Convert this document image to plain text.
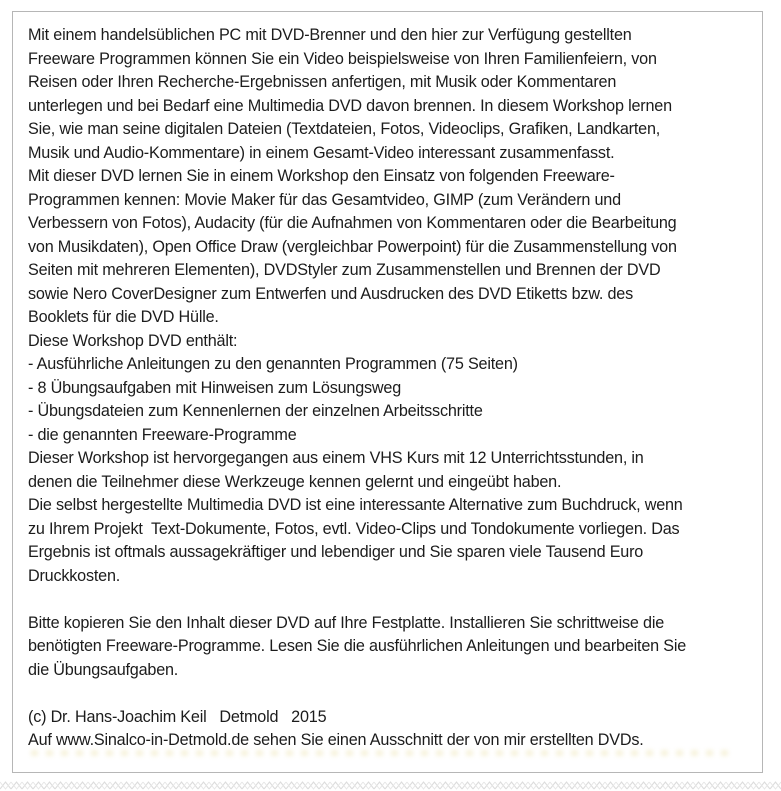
Mit einem handelsüblichen PC mit DVD-Brenner und den hier zur Verfügung gestellten
Freeware Programmen können Sie ein Video beispielsweise von Ihren Familienfeiern, von
Reisen oder Ihren Recherche-Ergebnissen anfertigen, mit Musik oder Kommentaren
unterlegen und bei Bedarf eine Multimedia DVD davon brennen. In diesem Workshop lernen
Sie, wie man seine digitalen Dateien (Textdateien, Fotos, Videoclips, Grafiken, Landkarten,
Musik und Audio-Kommentare) in einem Gesamt-Video interessant zusammenfasst.
Mit dieser DVD lernen Sie in einem Workshop den Einsatz von folgenden Freeware-
Programmen kennen: Movie Maker für das Gesamtvideo, GIMP (zum Verändern und
Verbessern von Fotos), Audacity (für die Aufnahmen von Kommentaren oder die Bearbeitung
von Musikdaten), Open Office Draw (vergleichbar Powerpoint) für die Zusammenstellung von
Seiten mit mehreren Elementen), DVDStyler zum Zusammenstellen und Brennen der DVD
sowie Nero CoverDesigner zum Entwerfen und Ausdrucken des DVD Etiketts bzw. des
Booklets für die DVD Hülle.
Diese Workshop DVD enthält:
- Ausführliche Anleitungen zu den genannten Programmen (75 Seiten)
- 8 Übungsaufgaben mit Hinweisen zum Lösungsweg
- Übungsdateien zum Kennenlernen der einzelnen Arbeitsschritte
- die genannten Freeware-Programme
Dieser Workshop ist hervorgegangen aus einem VHS Kurs mit 12 Unterrichtsstunden, in
denen die Teilnehmer diese Werkzeuge kennen gelernt und eingeübt haben.
Die selbst hergestellte Multimedia DVD ist eine interessante Alternative zum Buchdruck, wenn
zu Ihrem Projekt  Text-Dokumente, Fotos, evtl. Video-Clips und Tondokumente vorliegen. Das
Ergebnis ist oftmals aussagekräftiger und lebendiger und Sie sparen viele Tausend Euro
Druckkosten.
Bitte kopieren Sie den Inhalt dieser DVD auf Ihre Festplatte. Installieren Sie schrittweise die
benötigten Freeware-Programme. Lesen Sie die ausführlichen Anleitungen und bearbeiten Sie
die Übungsaufgaben.
(c) Dr. Hans-Joachim Keil   Detmold   2015
Auf www.Sinalco-in-Detmold.de sehen Sie einen Ausschnitt der von mir erstellten DVDs.
